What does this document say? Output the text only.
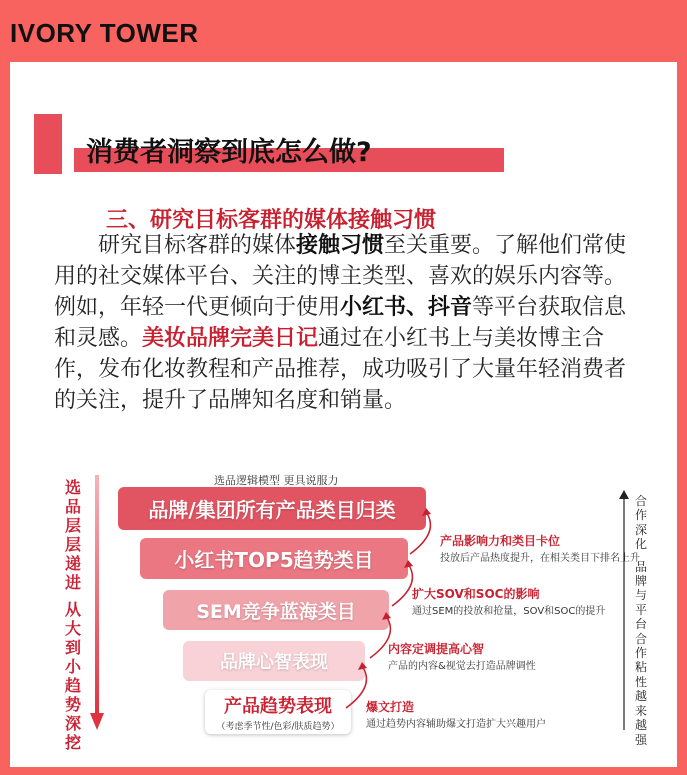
IVORY TOWER
消费者洞察到底怎么做?
三、研究目标客群的媒体接触习惯
研究目标客群的媒体接触习惯至关重要。了解他们常使用的社交媒体平台、关注的博主类型、喜欢的娱乐内容等。例如，年轻一代更倾向于使用小红书、抖音等平台获取信息和灵感。美妆品牌完美日记通过在小红书上与美妆博主合作，发布化妆教程和产品推荐，成功吸引了大量年轻消费者的关注，提升了品牌知名度和销量。
选品逻辑模型 更具说服力
选
品
层
层
递
进

从
大
到
小
趋
势
深
挖
合
作
深
化

品
牌
与
平
台
合
作
粘
性
越
来
越
强
品牌/集团所有产品类目归类
小红书TOP5趋势类目
SEM竞争蓝海类目
品牌心智表现
产品趋势表现
（考虑季节性/色彩/肤质趋势）
产品影响力和类目卡位
投放后产品热度提升，在相关类目下排名上升
扩大SOV和SOC的影响
通过SEM的投放和抢量，SOV和SOC的提升
内容定调提高心智
产品的内容&视觉去打造品牌调性
爆文打造
通过趋势内容辅助爆文打造扩大兴趣用户
